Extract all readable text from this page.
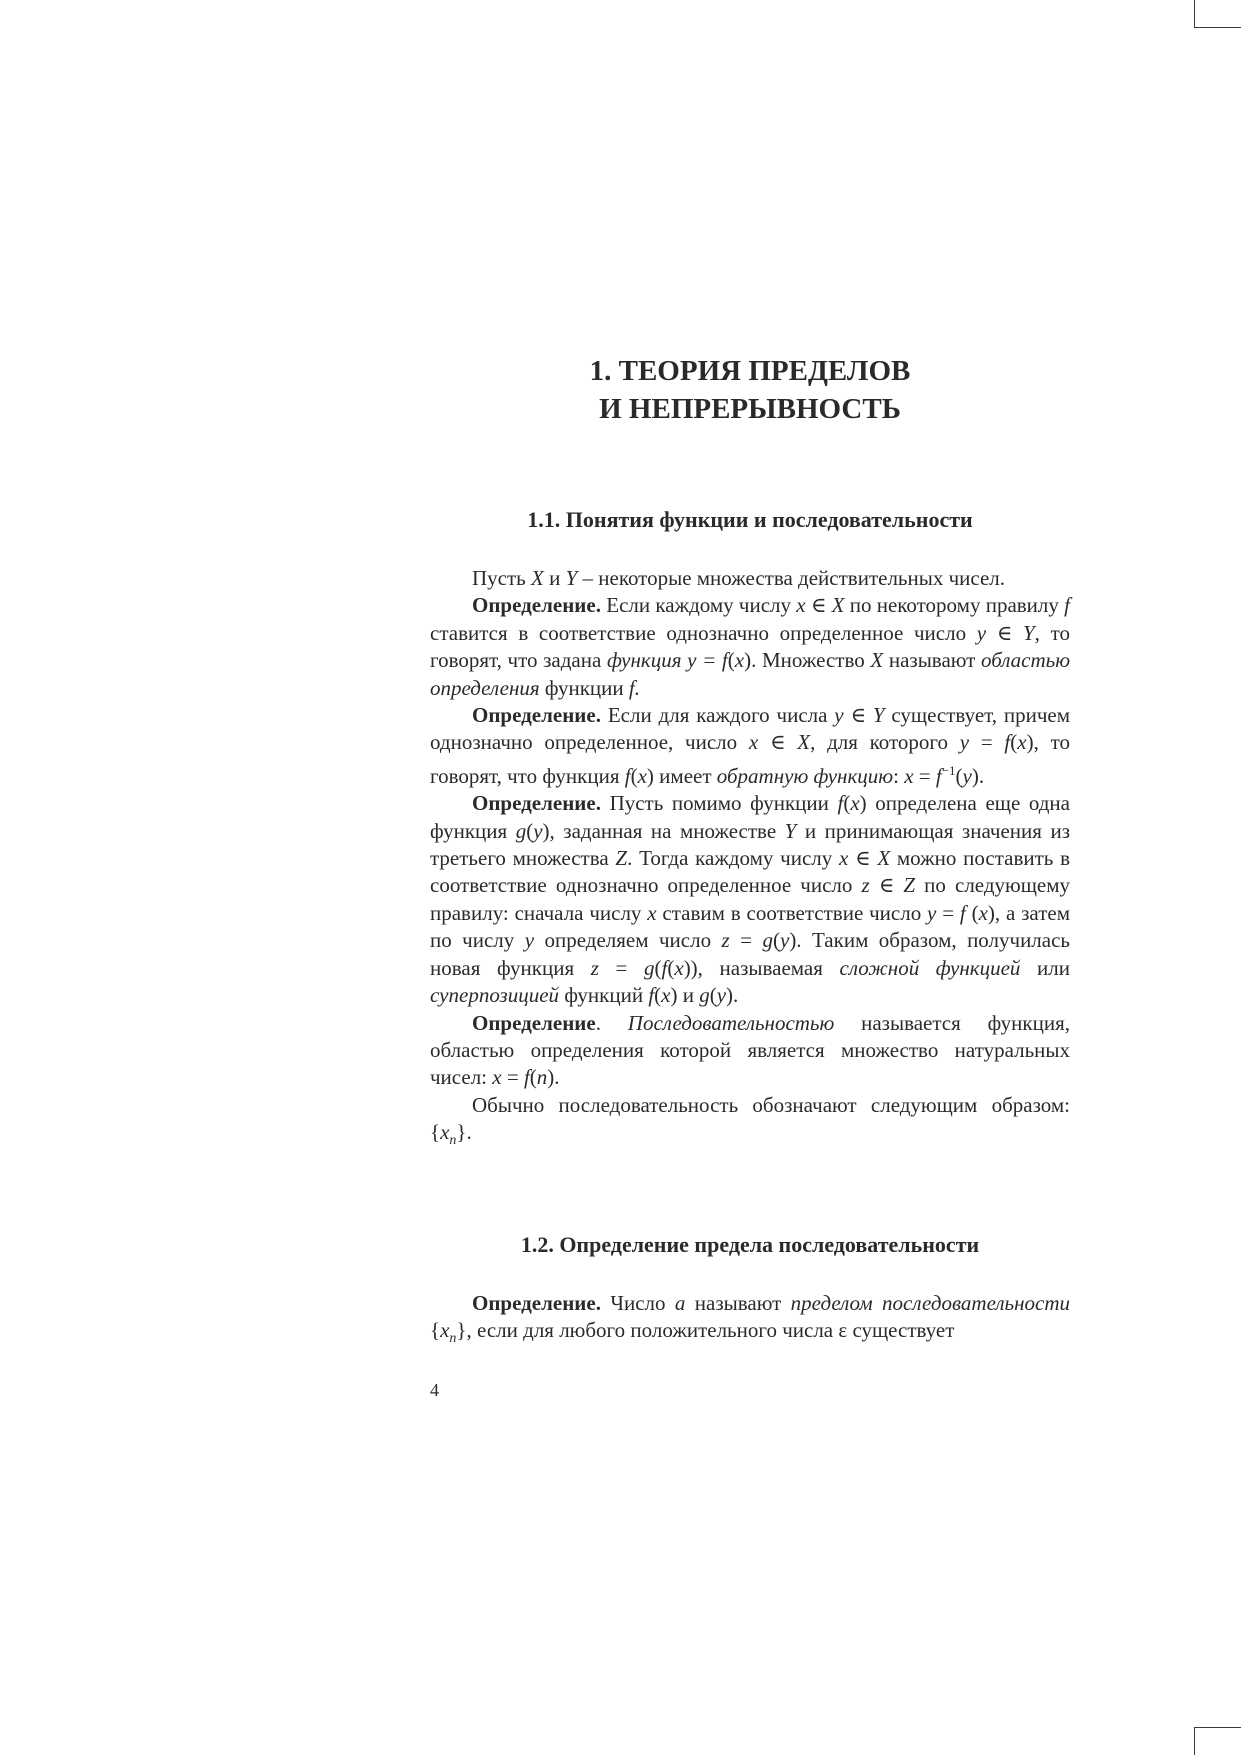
1. ТЕОРИЯ ПРЕДЕЛОВ
И НЕПРЕРЫВНОСТЬ
1.1. Понятия функции и последовательности

Пусть X и Y – некоторые множества действительных чисел.

Определение. Если каждому числу x ∈ X по некоторому правилу f ставится в соответствие однозначно определенное число y ∈ Y, то говорят, что задана функция y = f(x). Множество X называют областью определения функции f.

Определение. Если для каждого числа y ∈ Y существует, причем однозначно определенное, число x ∈ X, для которого y = f(x), то говорят, что функция f(x) имеет обратную функцию: $x = f^{-1}(y)$.

Определение. Пусть помимо функции f(x) определена еще одна функция g(y), заданная на множестве Y и принимающая значения из третьего множества Z. Тогда каждому числу x ∈ X можно поставить в соответствие однозначно определенное число z ∈ Z по следующему правилу: сначала числу x ставим в соответствие число y = f (x), а затем по числу y определяем число z = g(y). Таким образом, получилась новая функция z = g(f(x)), называемая сложной функцией или суперпозицией функций f(x) и g(y).

Определение. Последовательностью называется функция, областью определения которой является множество натуральных чисел: x = f(n).

Обычно последовательность обозначают следующим образом: $\{x_n\}$.

1.2. Определение предела последовательности

Определение. Число a называют пределом последовательности $\{x_n\}$, если для любого положительного числа ε существует

4
